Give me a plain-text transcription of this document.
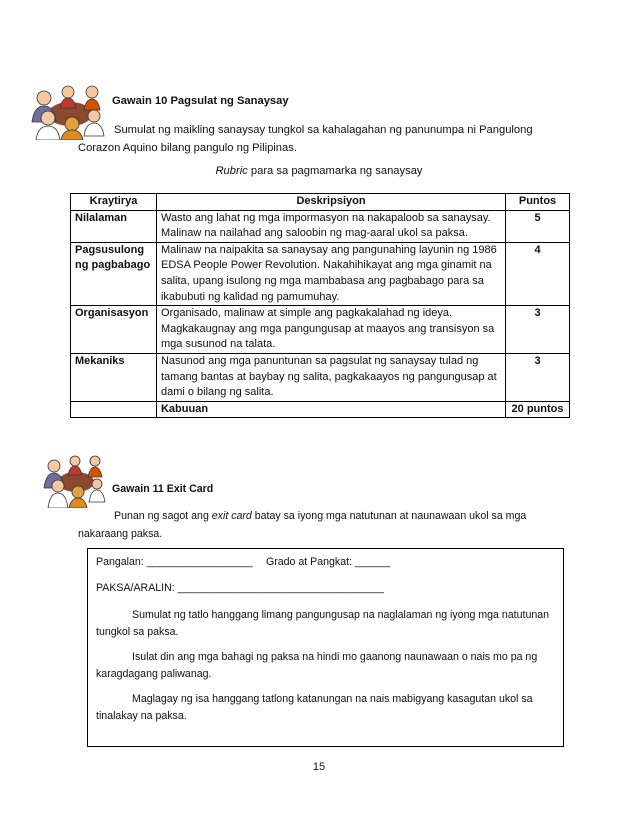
Gawain 10 Pagsulat ng Sanaysay
Sumulat ng maikling sanaysay tungkol sa kahalagahan ng panunumpa ni Pangulong Corazon Aquino bilang pangulo ng Pilipinas.
Rubric para sa pagmamarka ng sanaysay
Kraytirya	Deskripsiyon	Puntos
Nilalaman	Wasto ang lahat ng mga impormasyon na nakapaloob sa sanaysay. Malinaw na nailahad ang saloobin ng mag-aaral ukol sa paksa.	5
Pagsusulong ng pagbabago	Malinaw na naipakita sa sanaysay ang pangunahing layunin ng 1986 EDSA People Power Revolution. Nakahihikayat ang mga ginamit na salita, upang isulong ng mga mambabasa ang pagbabago para sa ikabubuti ng kalidad ng pamumuhay.	4
Organisasyon	Organisado, malinaw at simple ang pagkakalahad ng ideya. Magkakaugnay ang mga pangungusap at maayos ang transisyon sa mga susunod na talata.	3
Mekaniks	Nasunod ang mga panuntunan sa pagsulat ng sanaysay tulad ng tamang bantas at baybay ng salita, pagkakaayos ng pangungusap at dami o bilang ng salita.	3
	Kabuuan	20 puntos
Gawain 11 Exit Card
Punan ng sagot ang exit card batay sa iyong mga natutunan at naunawaan ukol sa mga nakaraang paksa.
Pangalan: __________________ Grado at Pangkat: ______
PAKSA/ARALIN: ___________________________________
Sumulat ng tatlo hanggang limang pangungusap na naglalaman ng iyong mga natutunan tungkol sa paksa.
Isulat din ang mga bahagi ng paksa na hindi mo gaanong naunawaan o nais mo pa ng karagdagang paliwanag.
Maglagay ng isa hanggang tatlong katanungan na nais mabigyang kasagutan ukol sa tinalakay na paksa.
15
